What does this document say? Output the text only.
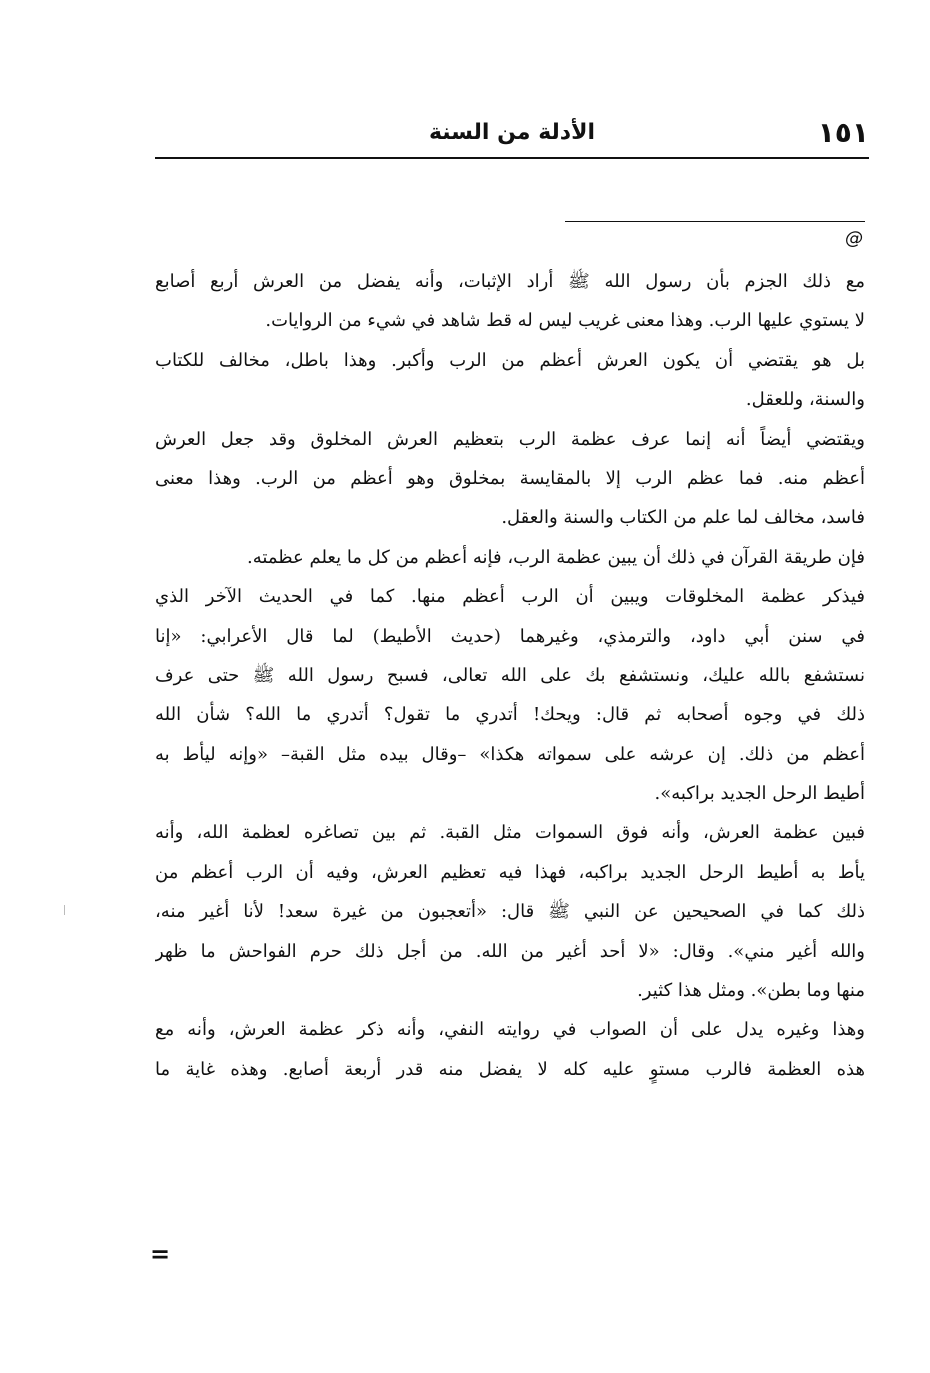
١٥١
الأدلة من السنة
@
مع ذلك الجزم بأن رسول الله ﷺ أراد الإثبات، وأنه يفضل من العرش أربع أصابع
لا يستوي عليها الرب. وهذا معنى غريب ليس له قط شاهد في شيء من الروايات.
بل هو يقتضي أن يكون العرش أعظم من الرب وأكبر. وهذا باطل، مخالف للكتاب
والسنة، وللعقل.
ويقتضي أيضاً أنه إنما عرف عظمة الرب بتعظيم العرش المخلوق وقد جعل العرش
أعظم منه. فما عظم الرب إلا بالمقايسة بمخلوق وهو أعظم من الرب. وهذا معنى
فاسد، مخالف لما علم من الكتاب والسنة والعقل.
فإن طريقة القرآن في ذلك أن يبين عظمة الرب، فإنه أعظم من كل ما يعلم عظمته.
فيذكر عظمة المخلوقات ويبين أن الرب أعظم منها. كما في الحديث الآخر الذي
في سنن أبي داود، والترمذي، وغيرهما (حديث الأطيط) لما قال الأعرابي: «إنا
نستشفع بالله عليك، ونستشفع بك على الله تعالى، فسبح رسول الله ﷺ حتى عرف
ذلك في وجوه أصحابه ثم قال: ويحك! أتدري ما تقول؟ أتدري ما الله؟ شأن الله
أعظم من ذلك. إن عرشه على سمواته هكذا» –وقال بيده مثل القبة– «وإنه ليأط به
أطيط الرحل الجديد براكبه».
فبين عظمة العرش، وأنه فوق السموات مثل القبة. ثم بين تصاغره لعظمة الله، وأنه
يأط به أطيط الرحل الجديد براكبه، فهذا فيه تعظيم العرش، وفيه أن الرب أعظم من
ذلك كما في الصحيحين عن النبي ﷺ قال: «أتعجبون من غيرة سعد! لأنا أغير منه،
والله أغير مني». وقال: «لا أحد أغير من الله. من أجل ذلك حرم الفواحش ما ظهر
منها وما بطن». ومثل هذا كثير.
وهذا وغيره يدل على أن الصواب في روايته النفي، وأنه ذكر عظمة العرش، وأنه مع
هذه العظمة فالرب مستوٍ عليه كله لا يفضل منه قدر أربعة أصابع. وهذه غاية ما
=
